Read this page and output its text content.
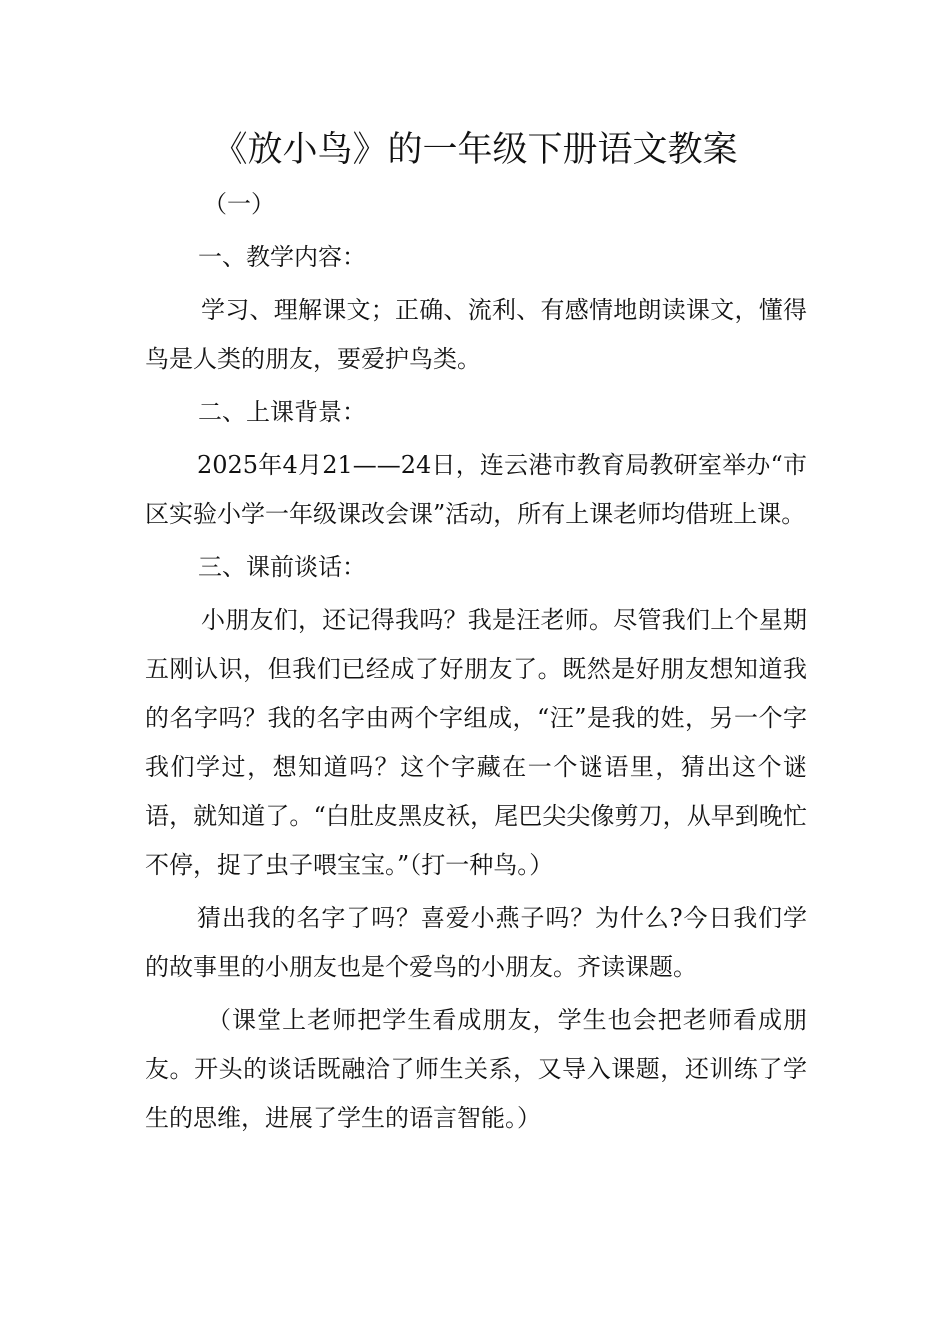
《放小鸟》的一年级下册语文教案

（一）

一、教学内容：

学习、理解课文；正确、流利、有感情地朗读课文，懂得鸟是人类的朋友，要爱护鸟类。

二、上课背景：

2025年4月21——24日，连云港市教育局教研室举办“市区实验小学一年级课改会课”活动，所有上课老师均借班上课。

三、课前谈话：

小朋友们，还记得我吗？我是汪老师。尽管我们上个星期五刚认识，但我们已经成了好朋友了。既然是好朋友想知道我的名字吗？我的名字由两个字组成，“汪”是我的姓，另一个字我们学过，想知道吗？这个字藏在一个谜语里，猜出这个谜语，就知道了。“白肚皮黑皮袄，尾巴尖尖像剪刀，从早到晚忙不停，捉了虫子喂宝宝。”（打一种鸟。）

猜出我的名字了吗？喜爱小燕子吗？为什么?今日我们学的故事里的小朋友也是个爱鸟的小朋友。齐读课题。

（课堂上老师把学生看成朋友，学生也会把老师看成朋友。开头的谈话既融洽了师生关系，又导入课题，还训练了学生的思维，进展了学生的语言智能。）
